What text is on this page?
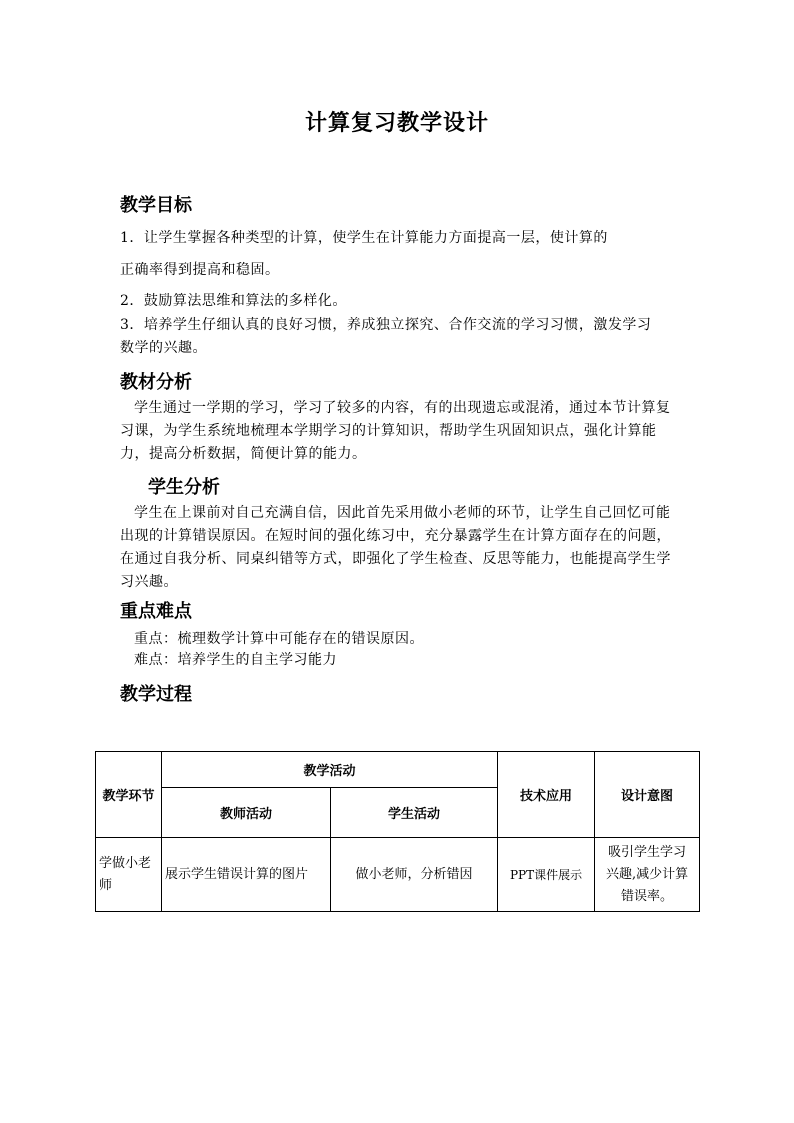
计算复习教学设计
教学目标
1．让学生掌握各种类型的计算，使学生在计算能力方面提高一层，使计算的
正确率得到提高和稳固。
2．鼓励算法思维和算法的多样化。
3．培养学生仔细认真的良好习惯，养成独立探究、合作交流的学习习惯，激发学习数学的兴趣。
教材分析
学生通过一学期的学习，学习了较多的内容，有的出现遗忘或混淆，通过本节计算复习课，为学生系统地梳理本学期学习的计算知识，帮助学生巩固知识点，强化计算能力，提高分析数据，简便计算的能力。
学生分析
学生在上课前对自己充满自信，因此首先采用做小老师的环节，让学生自己回忆可能出现的计算错误原因。在短时间的强化练习中，充分暴露学生在计算方面存在的问题，在通过自我分析、同桌纠错等方式，即强化了学生检查、反思等能力，也能提高学生学习兴趣。
重点难点
重点：梳理数学计算中可能存在的错误原因。
难点：培养学生的自主学习能力
教学过程
教学环节	教学活动		技术应用	设计意图
	教师活动	学生活动		
学做小老师	展示学生错误计算的图片	做小老师，分析错因	PPT课件展示	吸引学生学习兴趣,减少计算错误率。
